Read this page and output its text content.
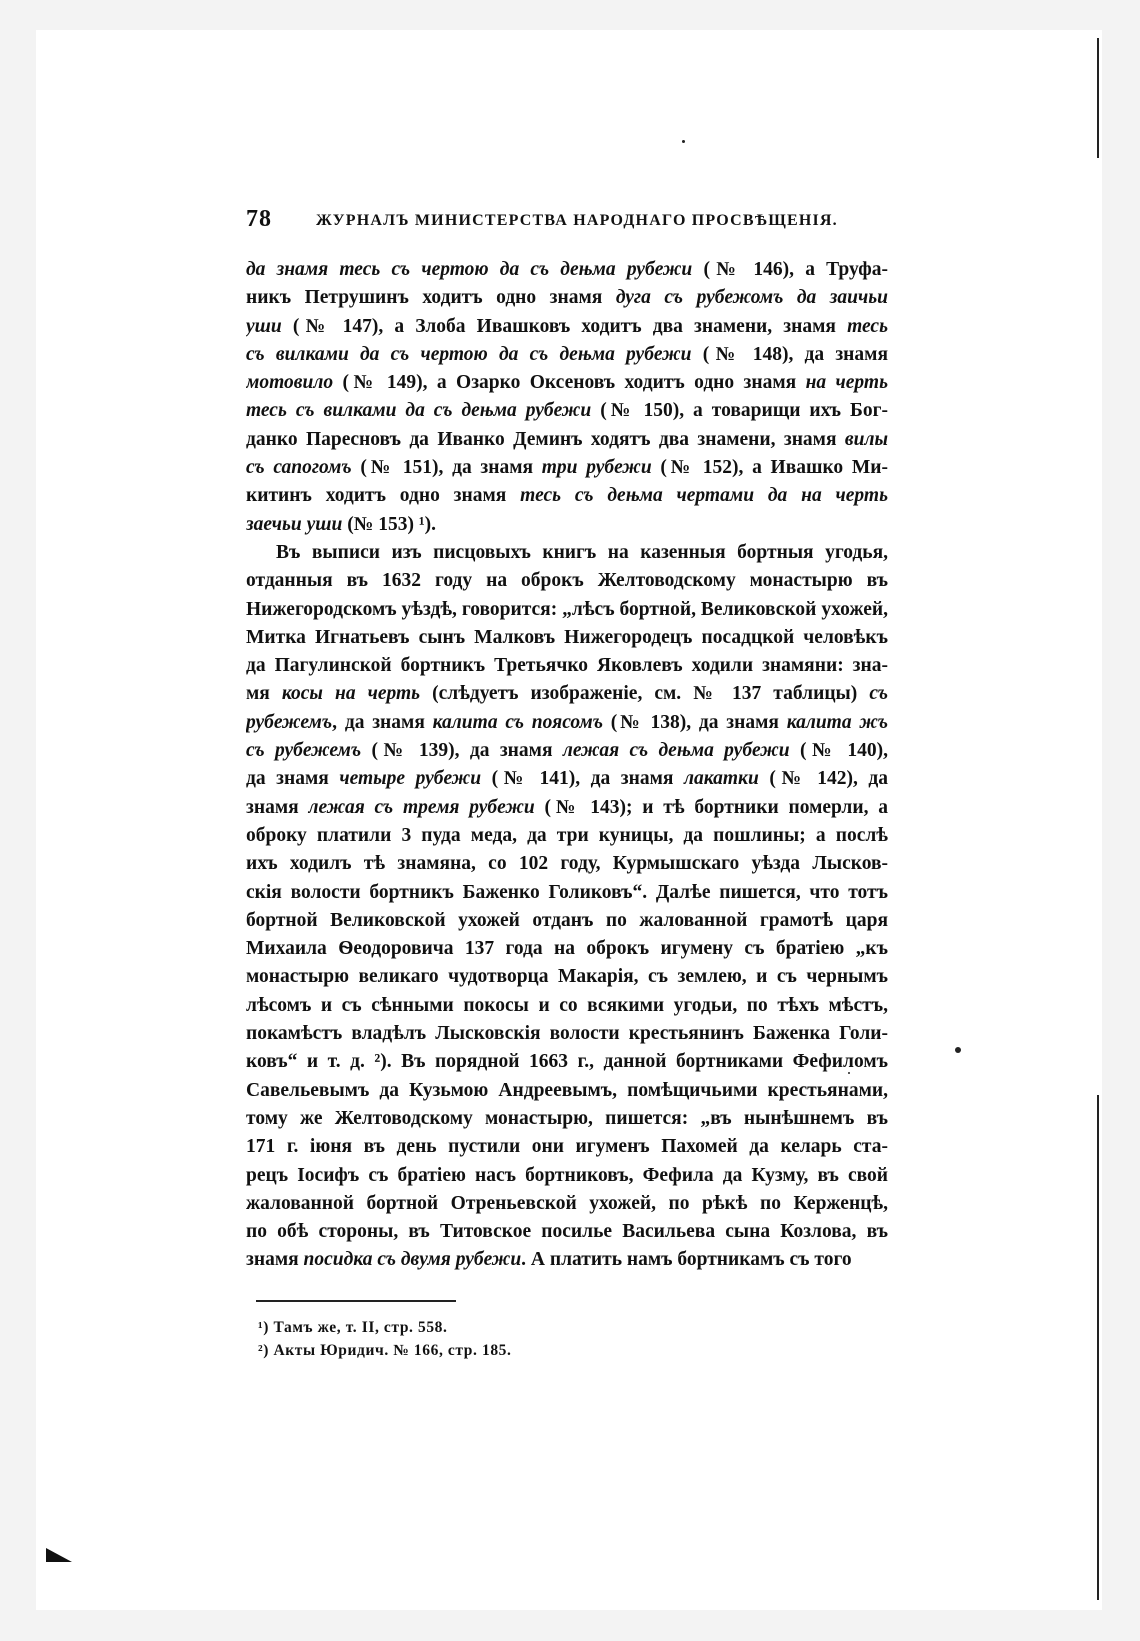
78	ЖУРНАЛЪ МИНИСТЕРСТВА НАРОДНАГО ПРОСВѢЩЕНІЯ.
да знамя тесь съ чертою да съ дењма рубежи (№ 146), а Труфа-
никъ Петрушинъ ходитъ одно знамя дуга съ рубежомъ да заичьи
уши (№ 147), а Злоба Ивашковъ ходитъ два знамени, знамя тесь
съ вилками да съ чертою да съ дењма рубежи (№ 148), да знамя
мотовило (№ 149), а Озарко Оксеновъ ходитъ одно знамя на черть
тесь съ вилками да съ дењма рубежи (№ 150), а товарищи ихъ Бог-
данко Пареcновъ да Иванко Деминъ ходятъ два знамени, знамя вилы
съ сапогомъ (№ 151), да знамя три рубежи (№ 152), а Ивашко Ми-
китинъ ходитъ одно знамя тесь съ дењма чертами да на черть
заечьи уши (№ 153) ¹).
Въ выписи изъ писцовыхъ книгъ на казенныя бортныя угодья,
отданныя въ 1632 году на оброкъ Желтоводскому монастырю въ
Нижегородскомъ уѣздѣ, говорится: „лѣсъ бортной, Великовской ухожей,
Митка Игнатьевъ сынъ Малковъ Нижегородецъ посадцкой человѣкъ
да Пагулинской бортникъ Третьячко Яковлевъ ходили знамяни: зна-
мя косы на черть (слѣдуетъ изображеніе, см. № 137 таблицы) съ
рубежемъ, да знамя калита съ поясомъ (№ 138), да знамя калита жъ
съ рубежемъ (№ 139), да знамя лежая съ дењма рубежи (№ 140),
да знамя четыре рубежи (№ 141), да знамя лакатки (№ 142), да
знамя лежая съ тремя рубежи (№ 143); и тѣ бортники померли, а
оброку платили 3 пуда меда, да три куницы, да пошлины; а послѣ
ихъ ходилъ тѣ знамяна, со 102 году, Курмышскаго уѣзда Лысков-
скія волости бортникъ Баженко Голиковъ“. Далѣе пишется, что тотъ
бортной Великовской ухожей отданъ по жалованной грамотѣ царя
Михаила Ѳеодоровича 137 года на оброкъ игумену съ братіею „къ
монастырю великаго чудотворца Макарія, съ землею, и съ чернымъ
лѣсомъ и съ сѣнными покосы и со всякими угодьи, по тѣхъ мѣстъ,
покамѣстъ владѣлъ Лысковскія волости крестьянинъ Баженка Голи-
ковъ“ и т. д. ²). Въ порядной 1663 г., данной бортниками Фефиломъ
Савельевымъ да Кузьмою Андреевымъ, помѣщичьими крестьянами,
тому же Желтоводскому монастырю, пишется: „въ нынѣшнемъ въ
171 г. іюня въ день пустили они игуменъ Пахомей да келарь ста-
рецъ Іосифъ съ братіею насъ бортниковъ, Фефила да Кузму, въ свой
жалованной бортной Отреньевской ухожей, по рѣкѣ по Керженцѣ,
по обѣ стороны, въ Титовское посилье Васильева сына Козлова, въ
знамя посидка съ двумя рубежи. А платить намъ бортникамъ съ того
¹) Тамъ же, т. II, стр. 558.
²) Акты Юридич. № 166, стр. 185.
